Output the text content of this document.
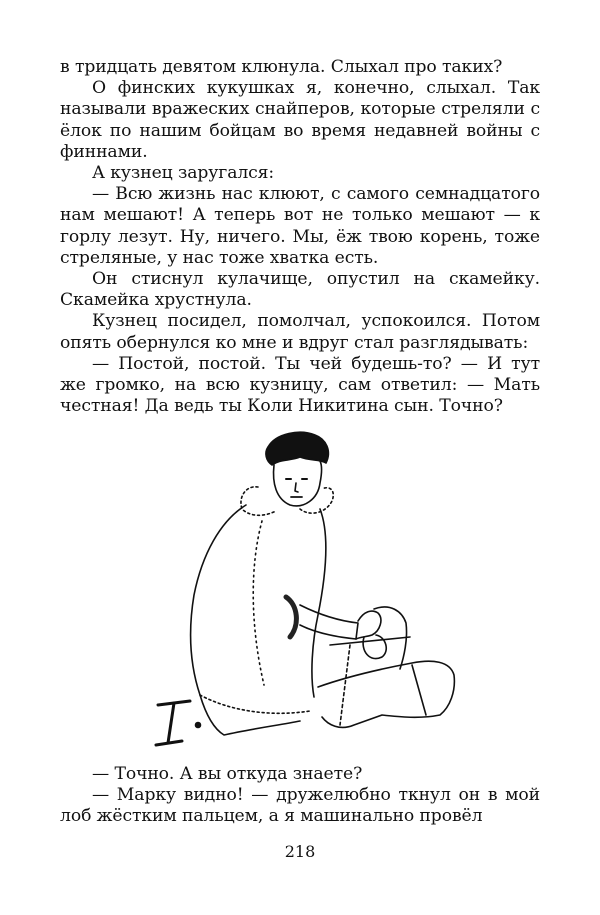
в тридцать девятом клюнула. Слыхал про таких?

О финских кукушках я, конечно, слыхал. Так называли вражеских снайперов, которые стреляли с ёлок по нашим бойцам во время недавней войны с финнами.

А кузнец заругался:

— Всю жизнь нас клюют, с самого семнадцатого нам мешают! А теперь вот не только мешают — к горлу лезут. Ну, ничего. Мы, ёж твою корень, тоже стреляные, у нас тоже хватка есть.

Он стиснул кулачище, опустил на скамейку. Скамейка хрустнула.

Кузнец посидел, помолчал, успокоился. Потом опять обернулся ко мне и вдруг стал разглядывать:

— Постой, постой. Ты чей будешь-то? — И тут же громко, на всю кузницу, сам ответил: — Мать честная! Да ведь ты Коли Никитина сын. Точно?

— Точно. А вы откуда знаете?

— Марку видно! — дружелюбно ткнул он в мой лоб жёстким пальцем, а я машинально провёл

218
